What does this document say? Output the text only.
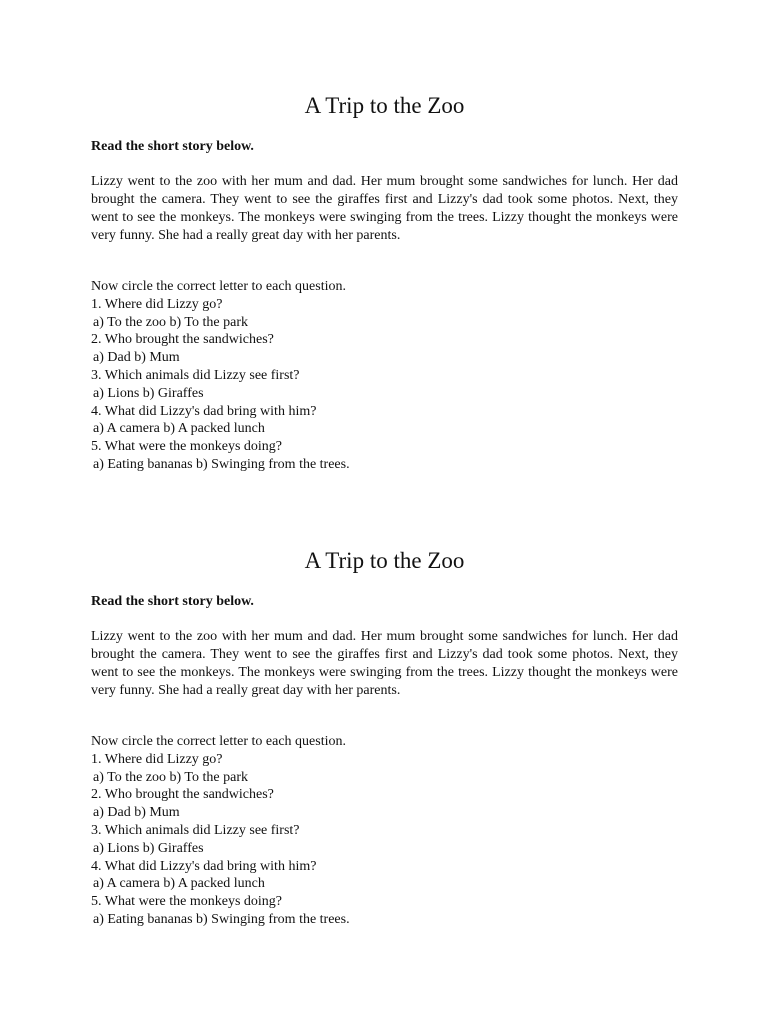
A Trip to the Zoo
Read the short story below.
Lizzy went to the zoo with her mum and dad. Her mum brought some sandwiches for lunch. Her dad brought the camera. They went to see the giraffes first and Lizzy's dad took some photos. Next, they went to see the monkeys. The monkeys were swinging from the trees. Lizzy thought the monkeys were very funny. She had a really great day with her parents.
Now circle the correct letter to each question.
1. Where did Lizzy go?
a) To the zoo b) To the park
2. Who brought the sandwiches?
a) Dad b) Mum
3. Which animals did Lizzy see first?
a) Lions b) Giraffes
4. What did Lizzy's dad bring with him?
a) A camera b) A packed lunch
5. What were the monkeys doing?
a) Eating bananas b) Swinging from the trees.
A Trip to the Zoo
Read the short story below.
Lizzy went to the zoo with her mum and dad. Her mum brought some sandwiches for lunch. Her dad brought the camera. They went to see the giraffes first and Lizzy's dad took some photos. Next, they went to see the monkeys. The monkeys were swinging from the trees. Lizzy thought the monkeys were very funny. She had a really great day with her parents.
Now circle the correct letter to each question.
1. Where did Lizzy go?
a) To the zoo b) To the park
2. Who brought the sandwiches?
a) Dad b) Mum
3. Which animals did Lizzy see first?
a) Lions b) Giraffes
4. What did Lizzy's dad bring with him?
a) A camera b) A packed lunch
5. What were the monkeys doing?
a) Eating bananas b) Swinging from the trees.
